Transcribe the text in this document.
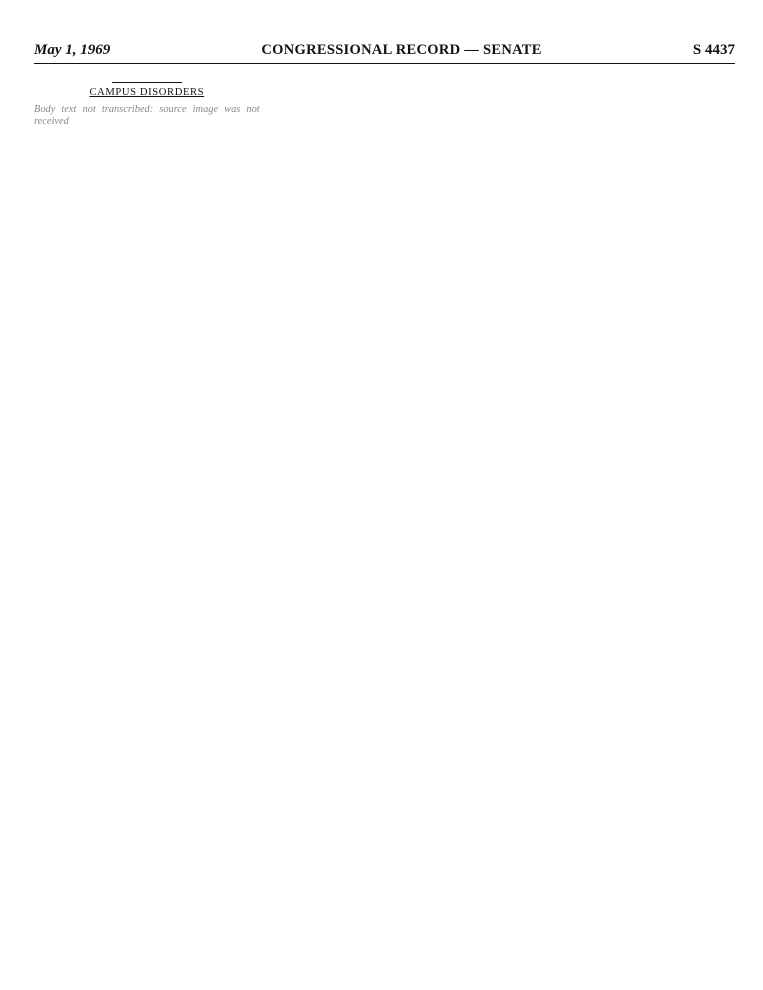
May 1, 1969	CONGRESSIONAL RECORD — SENATE	S 4437
CAMPUS DISORDERS

Body text not transcribed: source image was not received
